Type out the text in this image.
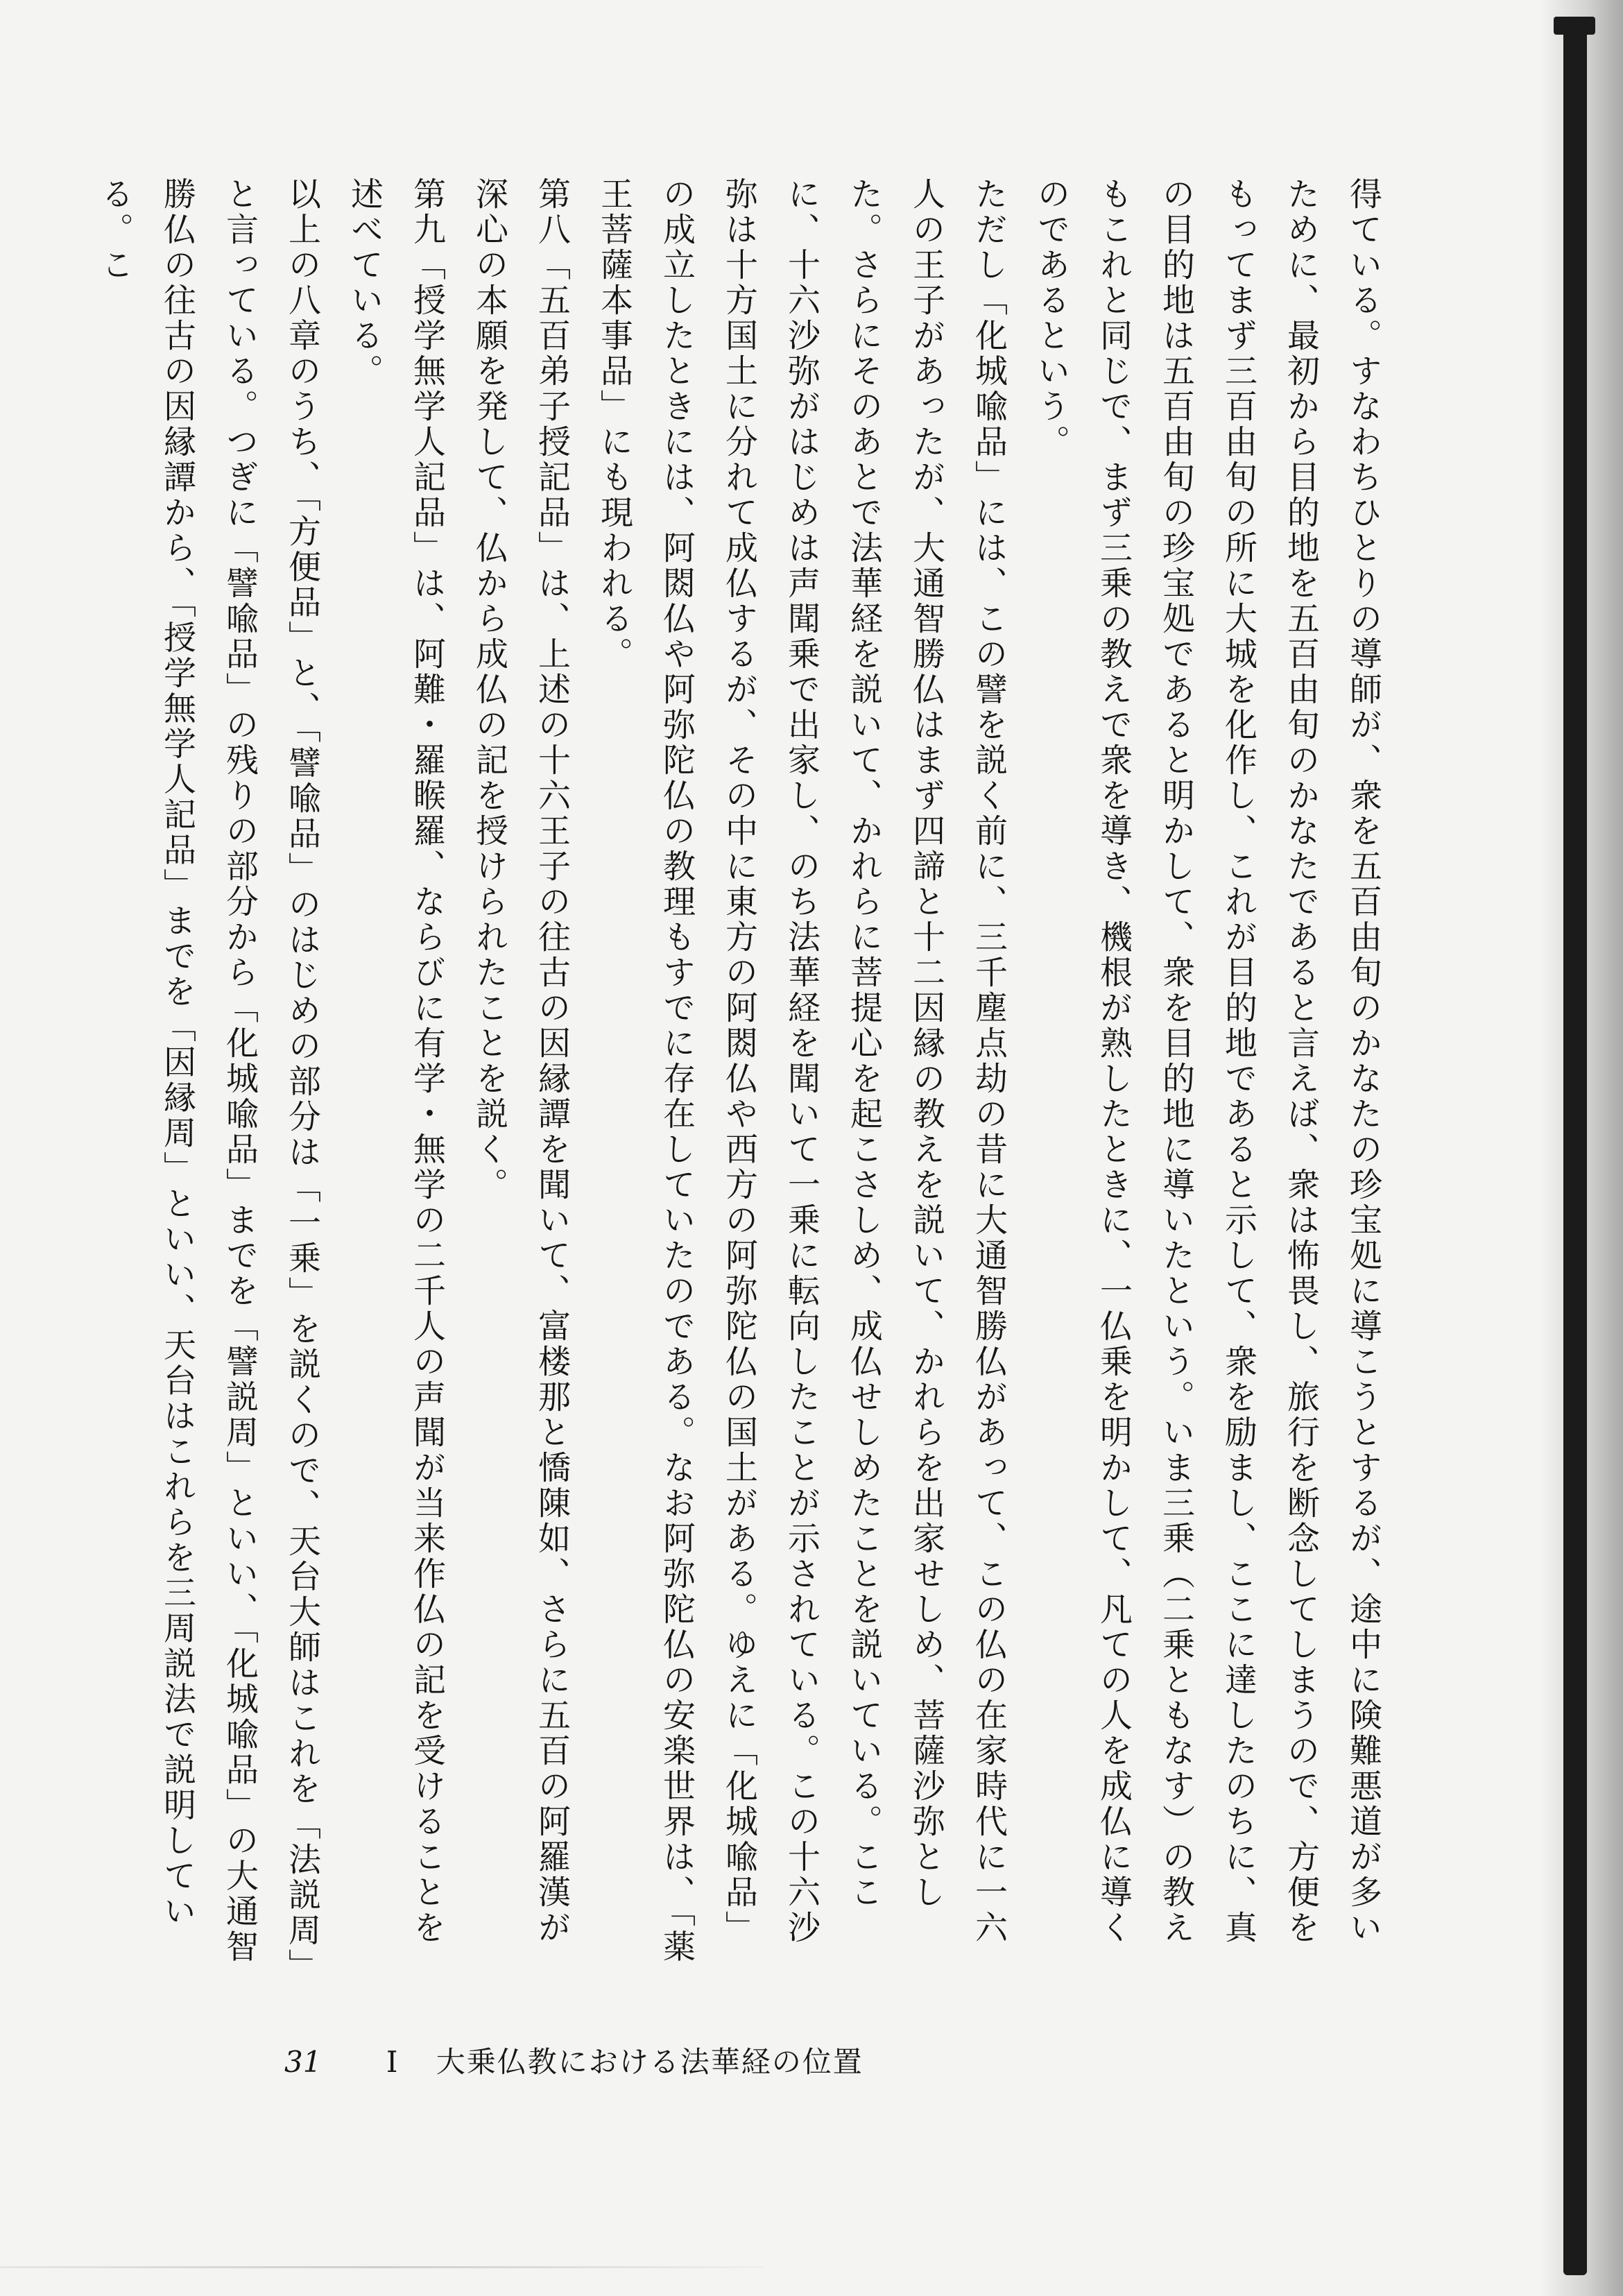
得ている。すなわちひとりの導師が、衆を五百由旬のかなたの珍宝処に導こうとするが、途中に険難悪道が多いために、最初から目的地を五百由旬のかなたであると言えば、衆は怖畏し、旅行を断念してしまうので、方便をもってまず三百由旬の所に大城を化作し、これが目的地であると示して、衆を励まし、ここに達したのちに、真の目的地は五百由旬の珍宝処であると明かして、衆を目的地に導いたという。いま三乗（二乗ともなす）の教えもこれと同じで、まず三乗の教えで衆を導き、機根が熟したときに、一仏乗を明かして、凡ての人を成仏に導くのであるという。

ただし「化城喩品」には、この譬を説く前に、三千塵点劫の昔に大通智勝仏があって、この仏の在家時代に一六人の王子があったが、大通智勝仏はまず四諦と十二因縁の教えを説いて、かれらを出家せしめ、菩薩沙弥とした。さらにそのあとで法華経を説いて、かれらに菩提心を起こさしめ、成仏せしめたことを説いている。ここに、十六沙弥がはじめは声聞乗で出家し、のち法華経を聞いて一乗に転向したことが示されている。この十六沙弥は十方国土に分れて成仏するが、その中に東方の阿閦仏や西方の阿弥陀仏の国土がある。ゆえに「化城喩品」の成立したときには、阿閦仏や阿弥陀仏の教理もすでに存在していたのである。なお阿弥陀仏の安楽世界は、「薬王菩薩本事品」にも現われる。

第八「五百弟子授記品」は、上述の十六王子の往古の因縁譚を聞いて、富楼那と憍陳如、さらに五百の阿羅漢が深心の本願を発して、仏から成仏の記を授けられたことを説く。

第九「授学無学人記品」は、阿難・羅睺羅、ならびに有学・無学の二千人の声聞が当来作仏の記を受けることを述べている。

以上の八章のうち、「方便品」と、「譬喩品」のはじめの部分は「一乗」を説くので、天台大師はこれを「法説周」と言っている。つぎに「譬喩品」の残りの部分から「化城喩品」までを「譬説周」といい、「化城喩品」の大通智勝仏の往古の因縁譚から、「授学無学人記品」までを「因縁周」といい、天台はこれらを三周説法で説明している。こ

31 I 大乗仏教における法華経の位置
